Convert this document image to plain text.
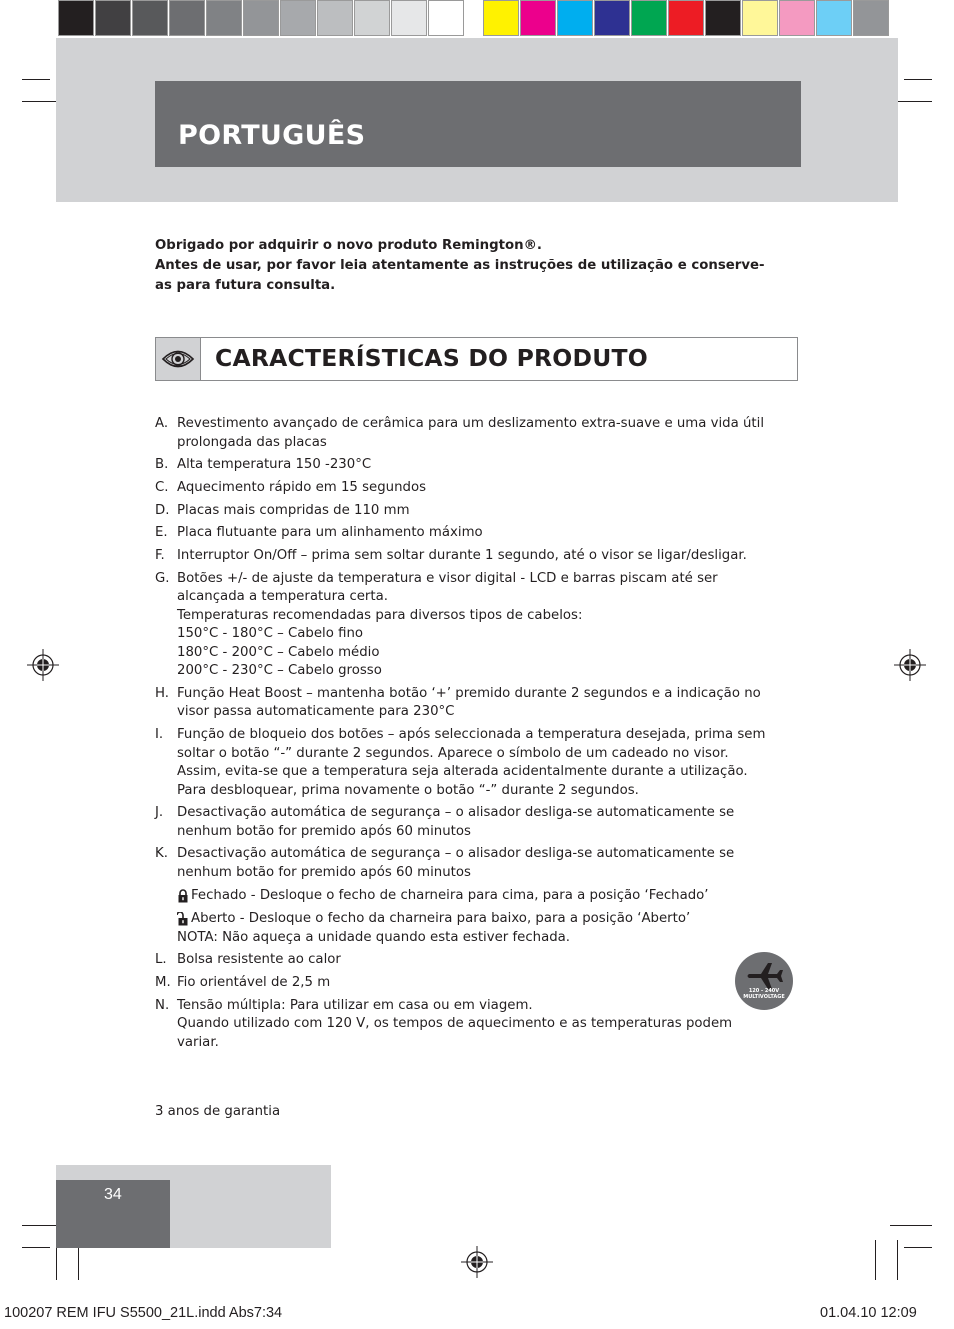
PORTUGUÊS

Obrigado por adquirir o novo produto Remington®.

Antes de usar, por favor leia atentamente as instruções de utilização e conserve-

as para futura consulta.

CARACTERÍSTICAS DO PRODUTO
A. Revestimento avançado de cerâmica para um deslizamento extra-suave e uma vida útil
prolongada das placas
B. Alta temperatura 150 -230°C
C. Aquecimento rápido em 15 segundos
D. Placas mais compridas de 110 mm
E. Placa flutuante para um alinhamento máximo
F. Interruptor On/Off – prima sem soltar durante 1 segundo, até o visor se ligar/desligar.
G. Botões +/- de ajuste da temperatura e visor digital - LCD e barras piscam até ser
alcançada a temperatura certa.
Temperaturas recomendadas para diversos tipos de cabelos:
150°C - 180°C – Cabelo fino
180°C - 200°C – Cabelo médio
200°C - 230°C – Cabelo grosso
H. Função Heat Boost – mantenha botão ‘+’ premido durante 2 segundos e a indicação no
visor passa automaticamente para 230°C
I. Função de bloqueio dos botões – após seleccionada a temperatura desejada, prima sem
soltar o botão “-” durante 2 segundos. Aparece o símbolo de um cadeado no visor.
Assim, evita-se que a temperatura seja alterada acidentalmente durante a utilização.
Para desbloquear, prima novamente o botão “-” durante 2 segundos.
J. Desactivação automática de segurança – o alisador desliga-se automaticamente se
nenhum botão for premido após 60 minutos
K. Desactivação automática de segurança – o alisador desliga-se automaticamente se
nenhum botão for premido após 60 minutos
Fechado - Desloque o fecho de charneira para cima, para a posição ‘Fechado’
Aberto - Desloque o fecho da charneira para baixo, para a posição ‘Aberto’
NOTA: Não aqueça a unidade quando esta estiver fechada.
L. Bolsa resistente ao calor
M. Fio orientável de 2,5 m
N. Tensão múltipla: Para utilizar em casa ou em viagem.
Quando utilizado com 120 V, os tempos de aquecimento e as temperaturas podem
variar.
120 - 240V
MULTIVOLTAGE
3 anos de garantia
34
100207 REM IFU S5500_21L.indd Abs7:34	01.04.10 12:09
